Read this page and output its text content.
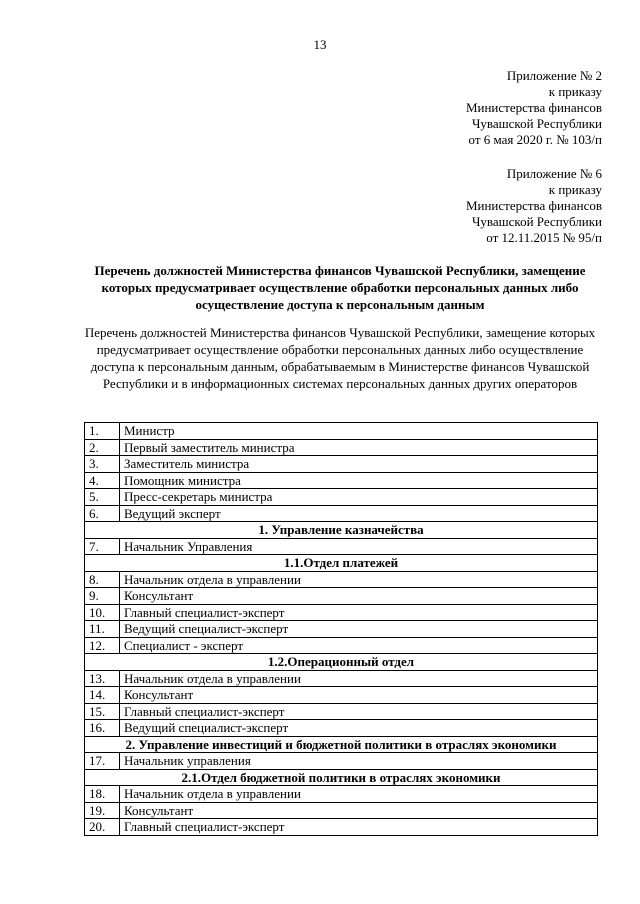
13
Приложение № 2
к приказу
Министерства финансов
Чувашской Республики
от 6 мая 2020 г. № 103/п
Приложение № 6
к приказу
Министерства финансов
Чувашской Республики
от 12.11.2015 № 95/п
Перечень должностей Министерства финансов Чувашской Республики, замещение которых предусматривает осуществление обработки персональных данных либо осуществление доступа к персональным данным
Перечень должностей Министерства финансов Чувашской Республики, замещение которых предусматривает осуществление обработки персональных данных либо осуществление доступа к персональным данным, обрабатываемым в Министерстве финансов Чувашской Республики и в информационных системах персональных данных других операторов
1.	Министр
2.	Первый заместитель министра
3.	Заместитель министра
4.	Помощник министра
5.	Пресс-секретарь министра
6.	Ведущий эксперт
1. Управление казначейства	
7.	Начальник Управления
1.1.Отдел платежей	
8.	Начальник отдела в управлении
9.	Консультант
10.	Главный специалист-эксперт
11.	Ведущий специалист-эксперт
12.	Специалист - эксперт
1.2.Операционный отдел	
13.	Начальник отдела в управлении
14.	Консультант
15.	Главный специалист-эксперт
16.	Ведущий специалист-эксперт
2. Управление инвестиций и бюджетной политики в отраслях экономики	
17.	Начальник управления
2.1.Отдел бюджетной политики в отраслях экономики	
18.	Начальник отдела в управлении
19.	Консультант
20.	Главный специалист-эксперт
